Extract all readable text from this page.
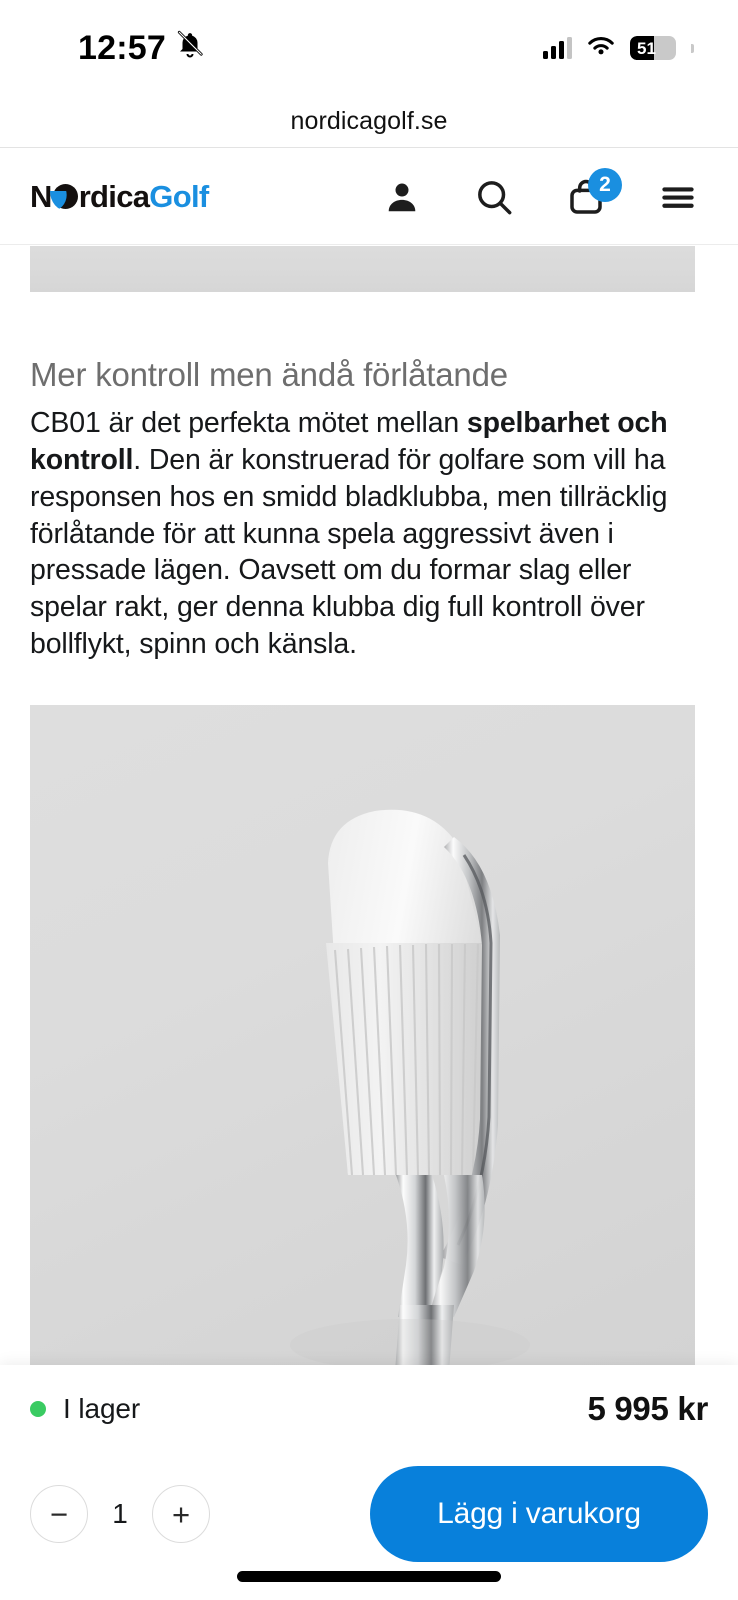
12:57	51
nordicagolf.se
N rdica Golf	2
Mer kontroll men ändå förlåtande

CB01 är det perfekta mötet mellan spelbarhet och kontroll. Den är konstruerad för golfare som vill ha responsen hos en smidd bladklubba, men tillräcklig förlåtande för att kunna spela aggressivt även i pressade lägen. Oavsett om du formar slag eller spelar rakt, ger denna klubba dig full kontroll över bollflykt, spinn och känsla.

I lager	5 995 kr
−	1	+	Lägg i varukorg
